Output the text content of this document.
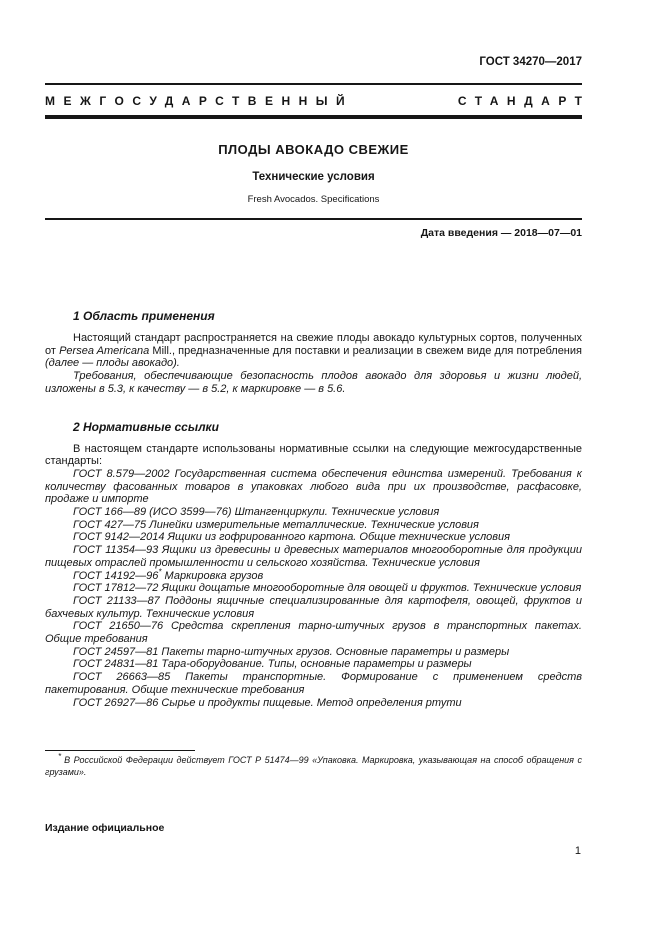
ГОСТ 34270—2017
МЕЖГОСУДАРСТВЕННЫЙ	СТАНДАРТ
ПЛОДЫ АВОКАДО СВЕЖИЕ
Технические условия
Fresh Avocados. Specifications
Дата введения — 2018—07—01
1 Область применения

Настоящий стандарт распространяется на свежие плоды авокадо культурных сортов, полученных от Persea Americana Mill., предназначенные для поставки и реализации в свежем виде для потребления (далее — плоды авокадо).

Требования, обеспечивающие безопасность плодов авокадо для здоровья и жизни людей, изложены в 5.3, к качеству — в 5.2, к маркировке — в 5.6.

2 Нормативные ссылки

В настоящем стандарте использованы нормативные ссылки на следующие межгосударственные стандарты:

ГОСТ 8.579—2002 Государственная система обеспечения единства измерений. Требования к количеству фасованных товаров в упаковках любого вида при их производстве, расфасовке, продаже и импорте

ГОСТ 166—89 (ИСО 3599—76) Штангенциркули. Технические условия

ГОСТ 427—75 Линейки измерительные металлические. Технические условия

ГОСТ 9142—2014 Ящики из гофрированного картона. Общие технические условия

ГОСТ 11354—93 Ящики из древесины и древесных материалов многооборотные для продукции пищевых отраслей промышленности и сельского хозяйства. Технические условия

ГОСТ 14192—96* Маркировка грузов

ГОСТ 17812—72 Ящики дощатые многооборотные для овощей и фруктов. Технические условия

ГОСТ 21133—87 Поддоны ящичные специализированные для картофеля, овощей, фруктов и бахчевых культур. Технические условия

ГОСТ 21650—76 Средства скрепления тарно-штучных грузов в транспортных пакетах. Общие требования

ГОСТ 24597—81 Пакеты тарно-штучных грузов. Основные параметры и размеры

ГОСТ 24831—81 Тара-оборудование. Типы, основные параметры и размеры

ГОСТ 26663—85 Пакеты транспортные. Формирование с применением средств пакетирования. Общие технические требования

ГОСТ 26927—86 Сырье и продукты пищевые. Метод определения ртути

* В Российской Федерации действует ГОСТ Р 51474—99 «Упаковка. Маркировка, указывающая на способ обращения с грузами».

Издание официальное
1
